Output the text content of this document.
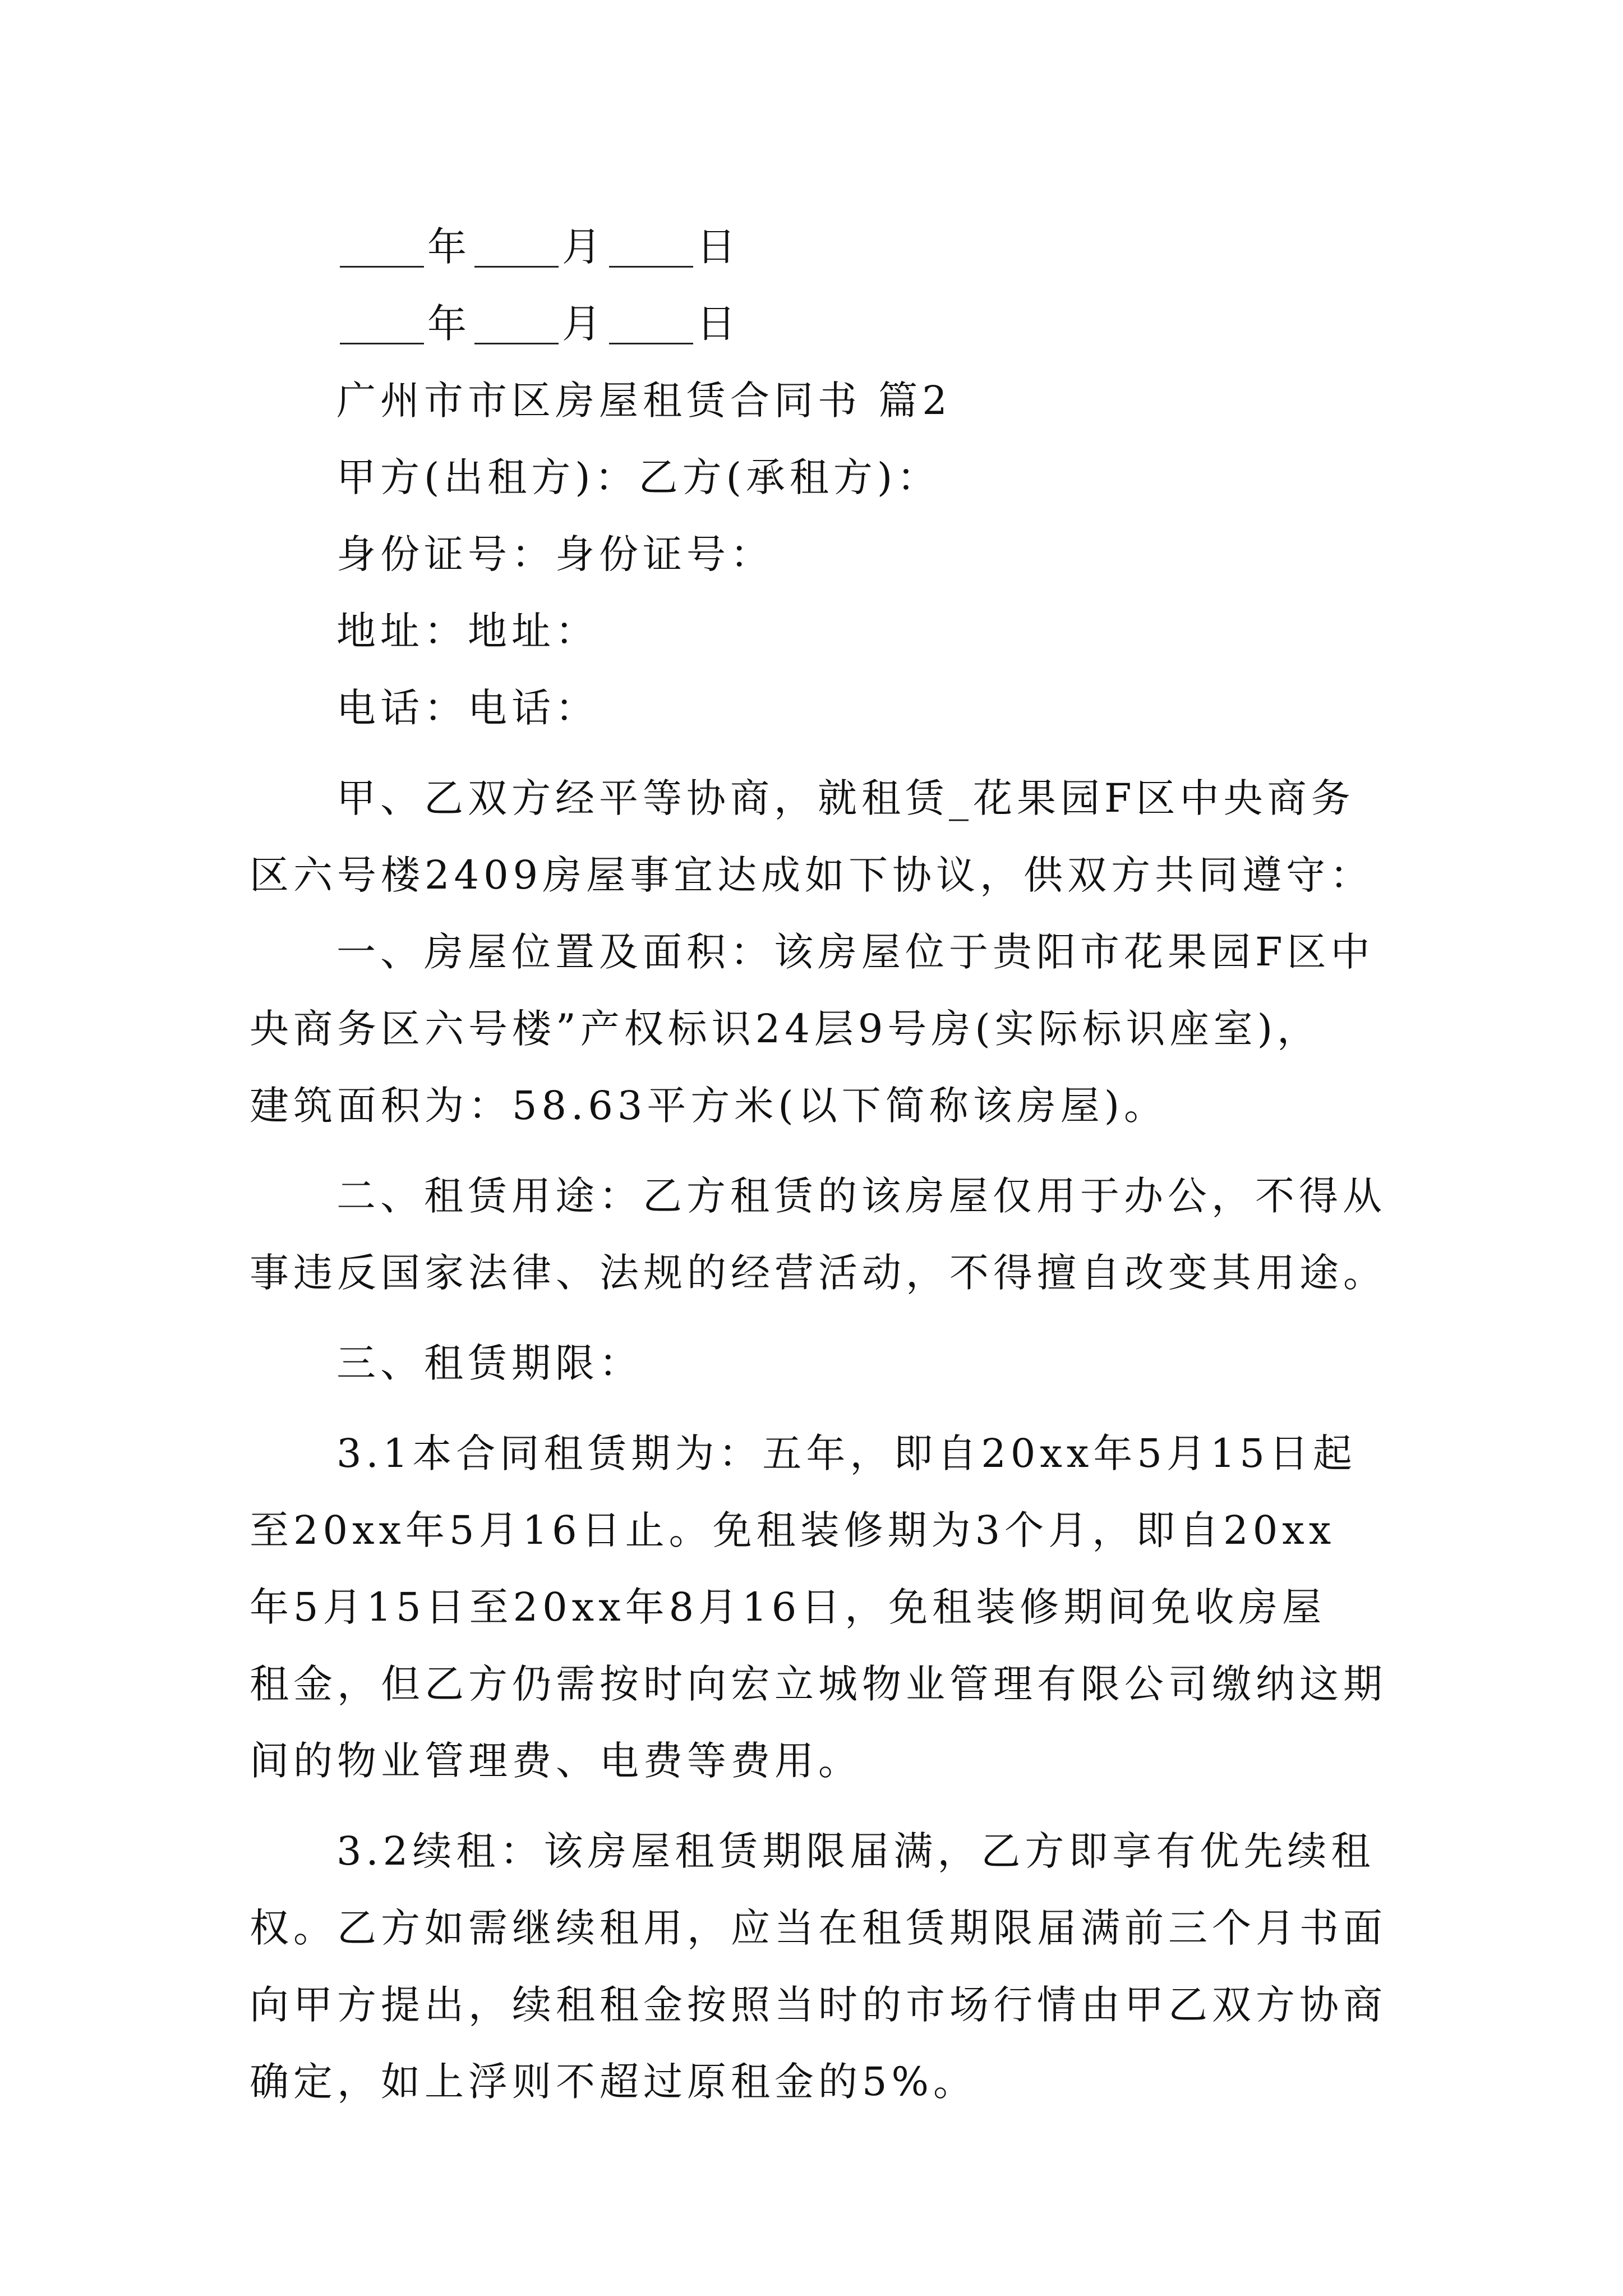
年 月 日
年 月 日
广州市市区房屋租赁合同书 篇2
甲方(出租方)：乙方(承租方)：
身份证号：身份证号：
地址：地址：
电话：电话：
甲、乙双方经平等协商，就租赁_花果园F区中央商务
区六号楼2409房屋事宜达成如下协议，供双方共同遵守：
一、房屋位置及面积：该房屋位于贵阳市花果园F区中
央商务区六号楼”产权标识24层9号房(实际标识座室)，
建筑面积为：58.63平方米(以下简称该房屋)。
二、租赁用途：乙方租赁的该房屋仅用于办公，不得从
事违反国家法律、法规的经营活动，不得擅自改变其用途。
三、租赁期限：
3.1本合同租赁期为：五年，即自20xx年5月15日起
至20xx年5月16日止。免租装修期为3个月，即自20xx
年5月15日至20xx年8月16日，免租装修期间免收房屋
租金，但乙方仍需按时向宏立城物业管理有限公司缴纳这期
间的物业管理费、电费等费用。
3.2续租：该房屋租赁期限届满，乙方即享有优先续租
权。乙方如需继续租用，应当在租赁期限届满前三个月书面
向甲方提出，续租租金按照当时的市场行情由甲乙双方协商
确定，如上浮则不超过原租金的5%。
